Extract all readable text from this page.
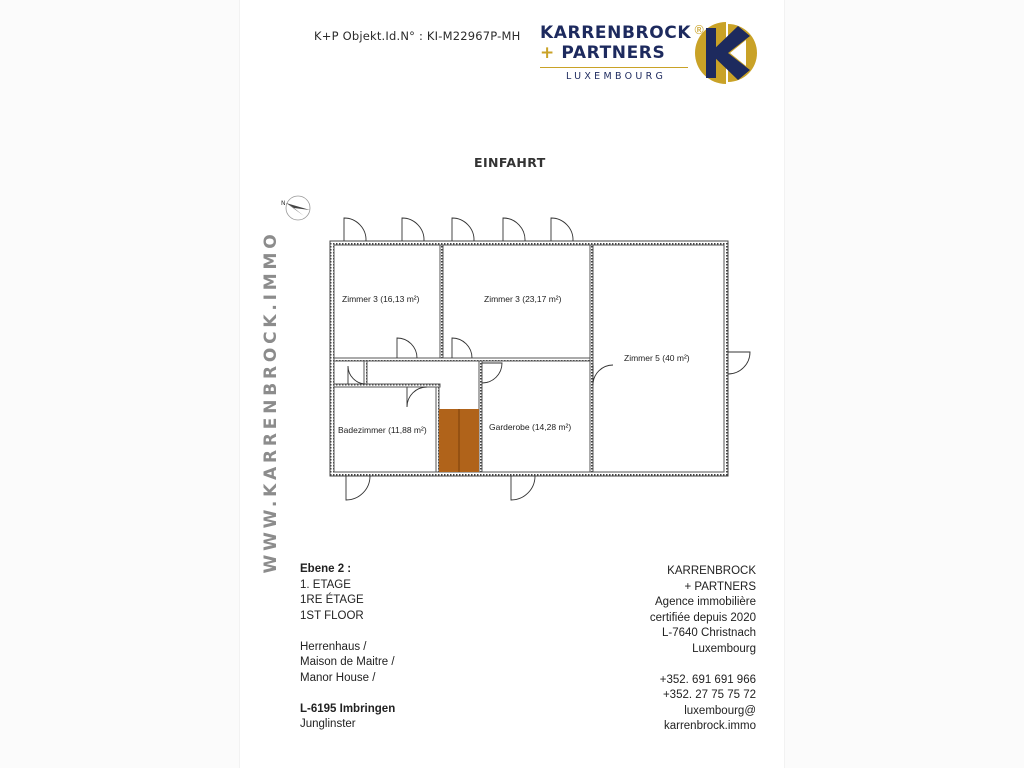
K+P Objekt.Id.N° : KI-M22967P-MH KARRENBROCK ®
+ PARTNERS
LUXEMBOURG
WWW.KARRENBROCK.IMMO
EINFAHRT
N
Zimmer 3 (16,13 m²)	Zimmer 3 (23,17 m²)
Zimmer 5 (40 m²)
Badezimmer (11,88 m²)	Garderobe (14,28 m²)
Ebene 2 :
1. ETAGE
1RE ÉTAGE
1ST FLOOR
Herrenhaus /
Maison de Maitre /
Manor House /
L-6195 Imbringen
Junglinster
KARRENBROCK
+ PARTNERS
Agence immobilière
certifiée depuis 2020
L-7640 Christnach
Luxembourg
+352. 691 691 966
+352. 27 75 75 72
luxembourg@
karrenbrock.immo
